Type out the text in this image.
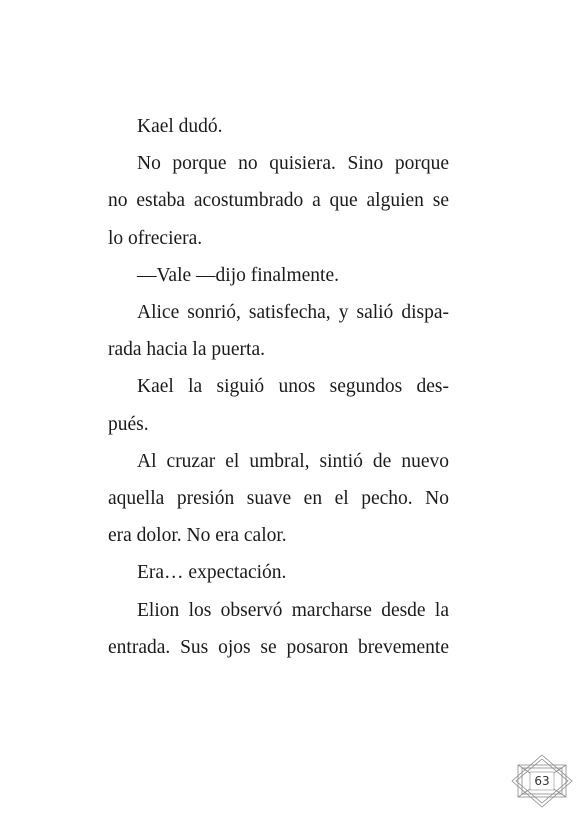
Kael dudó.

No porque no quisiera. Sino porque
no estaba acostumbrado a que alguien se
lo ofreciera.

—Vale —dijo finalmente.

Alice sonrió, satisfecha, y salió dispa-
rada hacia la puerta.

Kael la siguió unos segundos des-
pués.

Al cruzar el umbral, sintió de nuevo
aquella presión suave en el pecho. No
era dolor. No era calor.

Era… expectación.

Elion los observó marcharse desde la
entrada. Sus ojos se posaron brevemente

63
